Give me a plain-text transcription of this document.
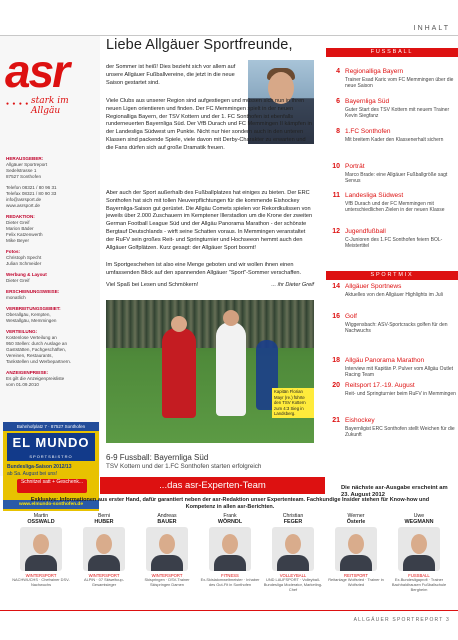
INHALT
asr
stark im Allgäu
● ● ● ●
HERAUSGEBER:
Allgäuer Sportreport
Sedelstrasse 1
87527 Sonthofen
Telefon 08321 / 80 96 31
Telefax 08321 / 80 90 33
info@asrsport.de
www.asrsport.de
REDAKTION:
Dieter Greif
Marion Bäder
Felix Katzenwerth
Mike Beyer
Fotos:
Christoph Specht
Julian Schmeider
Werbung & Layout
Dieter Greif
ERSCHEINUNGSWEISE:
monatlich
VERBREITUNGSGEBIET:
Oberallgäu, Kempten,
Westallgäu, Memmingen
VERTEILUNG:
Kostenlose Verteilung an
950 Stellen: durch Auslage an
Gaststätten, Fachgeschäften,
Vereinen, Restaurants,
Tankstellen und Werbepartnern.
ANZEIGENPREISE:
Es gilt die Anzeigenpreisliste
vom 01.09.2010
Bahnhofplatz 7 · 87527 Sonthofen
EL MUNDO
SPORTSBISTRO
Bundesliga-Saison 2012/13
ab Sa. August bei uns!
Schnitzel satt + Geschenk...
www.elmundo-sonthofen.de
Liebe Allgäuer Sportfreunde,
der Sommer ist heiß! Dies bezieht sich vor allem auf unsere Allgäuer Fußballvereine, die jetzt in die neue Saison gestartet sind.
Viele Clubs aus unserer Region sind aufgestiegen und müssen sich nun in ihren neuen Ligen orientieren und finden. Der FC Memmingen spielt in der neuen Regionalliga Bayern, der TSV Kottern und der 1. FC Sonthofen ist ebenfalls runderneuerten Bayernliga Süd. Der VfB Durach und FC Memmingen II kämpfen in der Landesliga Südwest um Punkte. Nicht nur hier sondern auch in den unteren Klassen sind packende Spiele, viele davon mit Derby-Charakter zu erwarten und die Fans dürfen sich auf große Dramatik freuen.
Aber auch der Sport außerhalb des Fußballplatzes hat einiges zu bieten. Der ERC Sonthofen hat sich mit tollen Neuverpflichtungen für die kommende Eishockey Bayernliga-Saison gut gerüstet. Die Allgäu Comets spielen vor Rekordkulissen von jeweils über 2.000 Zuschauern im Kemptener Illerstadion um die Krone der zweiten German Football League Süd und der Allgäu Panorama Marathon - der schönste Bergtauf Deutschlands - wirft seine Schatten voraus. In Memmingen veranstaltet der RuFV sein großes Reit- und Springturnier und Hochseeon hemmt auch den Allgäuer Golfplätzen. Kurz gesagt: der Allgäuer Sport boomt!
Im Sportgeschehen ist also eine Menge geboten und wir wollen ihnen einen umfassenden Blick auf den spannenden Allgäuer "Sport"-Sommer verschaffen.
Viel Spaß bei Lesen und Schmökern!	... ihr Dieter Greif
Kapitän Florian Mayr (re.) führte den TSV Kottern zum 4:3 Sieg in Landsberg.
6-9 Fussball: Bayernliga Süd
TSV Kottern und der 1.FC Sonthofen starten erfolgreich
FUSSBALL
4 Regionalliga Bayern
Trainer Esad Karic vom FC Memmingen über die neue Saison
6 Bayernliga Süd
Guter Start des TSV Kottern mit neuem Trainer Kevin Siegfanz
8 1.FC Sonthofen
Mit breitem Kader den Klassenerhalt sichern
10 Porträt
Marco Brade: eine Allgäuer Fußballgröße sagt Servus
11 Landesliga Südwest
VfB Durach und der FC Memmingen mit unterschiedlichen Zielen in der neuen Klasse
12 Jugendfußball
C-Junioren des 1.FC Sonthofen feiern BOL-Meistertitel
SPORTMIX
14 Allgäuer Sportnews
Aktuelles von den Allgäuer Highlights im Juli
16 Golf
Wiggensbach: ASV-Sportcracks golfen für den Nachwuchs
18 Allgäu Panorama Marathon
Interview mit Kapitän P. Pulver vom Allgäu Outlet Racing Team
20 Reitsport 17.-19. August
Reit- und Springturnier beim RuFV in Memmingen
21 Eishockey
Bayernligist ERC Sonthofen stellt Weichen für die Zukunft
Die nächste asr-Ausgabe erscheint am 23. August 2012
...das asr-Experten-Team
Exklusive: Informationen aus erster Hand, dafür garantiert neben der asr-Redaktion unser Expertenteam. Fachkundige Insider stehen für Know-how und Kompetenz in allen asr-Berichten.
Martin
OSSWALD
WINTERSPORT
NACHWUCHS · Chefrainer DSV-Nachwuchs
Berni
HUBER
WINTERSPORT
ALPIN · 07 Skiweltcup-Gesamtsieger
Andreas
BAUER
WINTERSPORT
Skispringen · DSV-Trainer Skispringen Damen
Frank
WÖRNDL
FITNESS
Ex-Skislalomweltmeister · Inhaber des Gut-Fit in Sonthofen
Christian
FEGER
VOLLEYBALL
UND LAUFSPORT · Volleyball-Bundesliga Moderator, Marketing-Chef
Werner
Österle
REITSPORT
Reitanlage Wolfsried · Trainer in Wolfsried
Uwe
WEGMANN
FUSSBALL
Ex-Bundesligaprofi · Trainer Bachhaldhausen Fußballschule Bergheim
ALLGÄUER SPORTREPORT 3
